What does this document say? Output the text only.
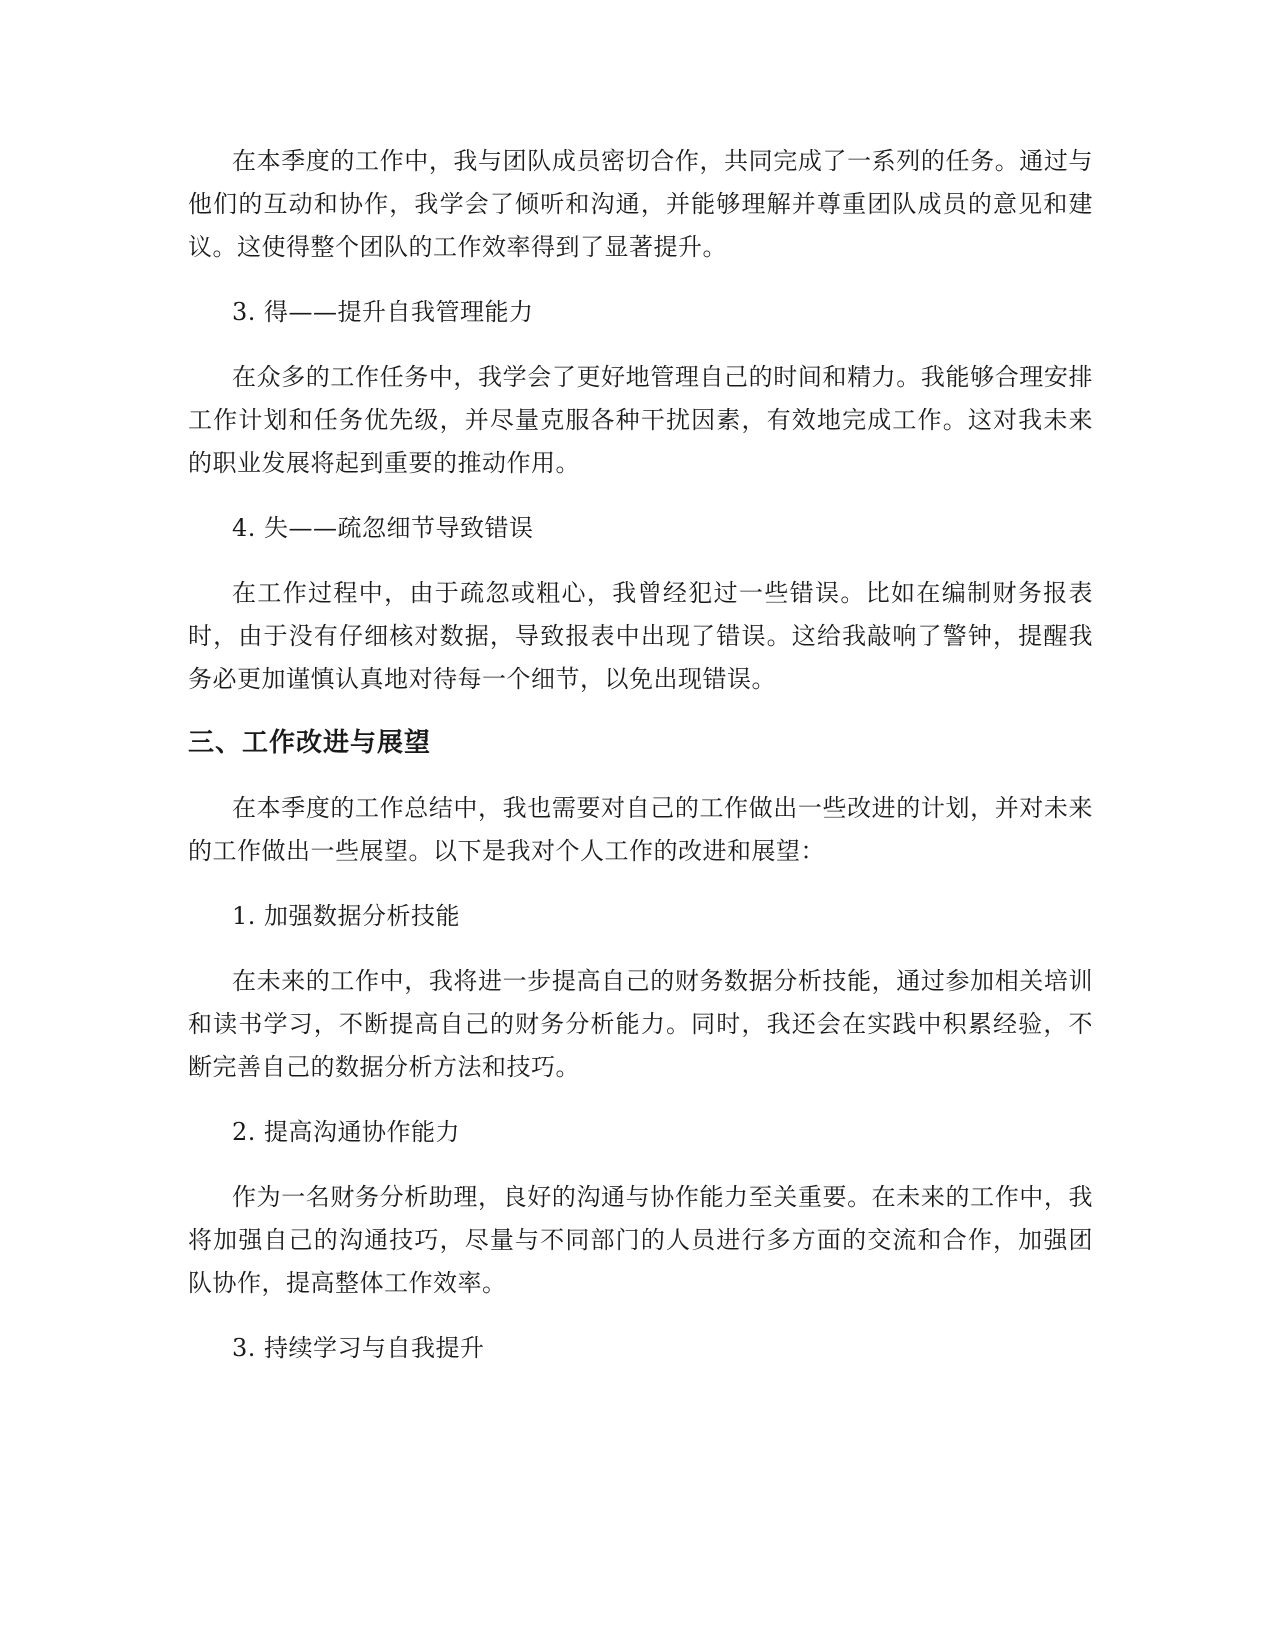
在本季度的工作中，我与团队成员密切合作，共同完成了一系列的任务。通过与他们的互动和协作，我学会了倾听和沟通，并能够理解并尊重团队成员的意见和建议。这使得整个团队的工作效率得到了显著提升。

3. 得——提升自我管理能力

在众多的工作任务中，我学会了更好地管理自己的时间和精力。我能够合理安排工作计划和任务优先级，并尽量克服各种干扰因素，有效地完成工作。这对我未来的职业发展将起到重要的推动作用。

4. 失——疏忽细节导致错误

在工作过程中，由于疏忽或粗心，我曾经犯过一些错误。比如在编制财务报表时，由于没有仔细核对数据，导致报表中出现了错误。这给我敲响了警钟，提醒我务必更加谨慎认真地对待每一个细节，以免出现错误。

三、工作改进与展望

在本季度的工作总结中，我也需要对自己的工作做出一些改进的计划，并对未来的工作做出一些展望。以下是我对个人工作的改进和展望：

1. 加强数据分析技能

在未来的工作中，我将进一步提高自己的财务数据分析技能，通过参加相关培训和读书学习，不断提高自己的财务分析能力。同时，我还会在实践中积累经验，不断完善自己的数据分析方法和技巧。

2. 提高沟通协作能力

作为一名财务分析助理，良好的沟通与协作能力至关重要。在未来的工作中，我将加强自己的沟通技巧，尽量与不同部门的人员进行多方面的交流和合作，加强团队协作，提高整体工作效率。

3. 持续学习与自我提升
